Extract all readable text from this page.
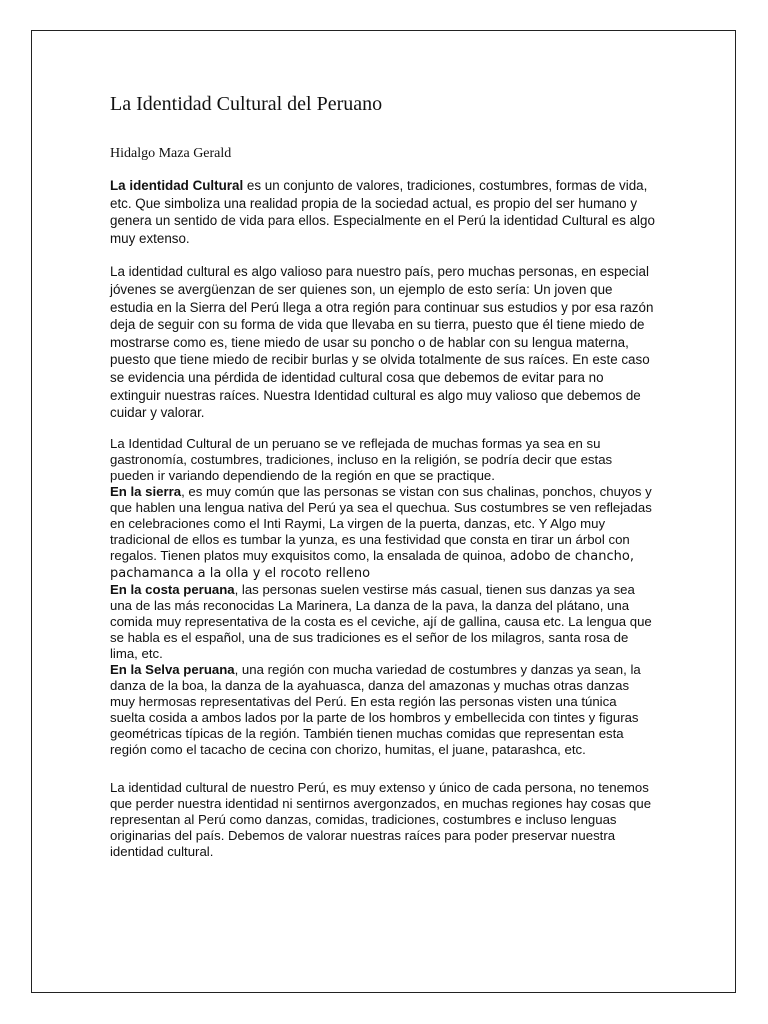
La Identidad Cultural del Peruano
Hidalgo Maza Gerald

La identidad Cultural es un conjunto de valores, tradiciones, costumbres, formas de vida, etc. Que simboliza una realidad propia de la sociedad actual, es propio del ser humano y genera un sentido de vida para ellos. Especialmente en el Perú la identidad Cultural es algo muy extenso.

La identidad cultural es algo valioso para nuestro país, pero muchas personas, en especial jóvenes se avergüenzan de ser quienes son, un ejemplo de esto sería: Un joven que estudia en la Sierra del Perú llega a otra región para continuar sus estudios y por esa razón deja de seguir con su forma de vida que llevaba en su tierra, puesto que él tiene miedo de mostrarse como es, tiene miedo de usar su poncho o de hablar con su lengua materna, puesto que tiene miedo de recibir burlas y se olvida totalmente de sus raíces. En este caso se evidencia una pérdida de identidad cultural cosa que debemos de evitar para no extinguir nuestras raíces. Nuestra Identidad cultural es algo muy valioso que debemos de cuidar y valorar.

La Identidad Cultural de un peruano se ve reflejada de muchas formas ya sea en su gastronomía, costumbres, tradiciones, incluso en la religión, se podría decir que estas pueden ir variando dependiendo de la región en que se practique.

En la sierra, es muy común que las personas se vistan con sus chalinas, ponchos, chuyos y que hablen una lengua nativa del Perú ya sea el quechua. Sus costumbres se ven reflejadas en celebraciones como el Inti Raymi, La virgen de la puerta, danzas, etc. Y Algo muy tradicional de ellos es tumbar la yunza, es una festividad que consta en tirar un árbol con regalos. Tienen platos muy exquisitos como, la ensalada de quinoa, adobo de chancho, pachamanca a la olla y el rocoto relleno

En la costa peruana, las personas suelen vestirse más casual, tienen sus danzas ya sea una de las más reconocidas La Marinera, La danza de la pava, la danza del plátano, una comida muy representativa de la costa es el ceviche, ají de gallina, causa etc. La lengua que se habla es el español, una de sus tradiciones es el señor de los milagros, santa rosa de lima, etc.

En la Selva peruana, una región con mucha variedad de costumbres y danzas ya sean, la danza de la boa, la danza de la ayahuasca, danza del amazonas y muchas otras danzas muy hermosas representativas del Perú. En esta región las personas visten una túnica suelta cosida a ambos lados por la parte de los hombros y embellecida con tintes y figuras geométricas típicas de la región. También tienen muchas comidas que representan esta región como el tacacho de cecina con chorizo, humitas, el juane, patarashca, etc.

La identidad cultural de nuestro Perú, es muy extenso y único de cada persona, no tenemos que perder nuestra identidad ni sentirnos avergonzados, en muchas regiones hay cosas que representan al Perú como danzas, comidas, tradiciones, costumbres e incluso lenguas originarias del país. Debemos de valorar nuestras raíces para poder preservar nuestra identidad cultural.
